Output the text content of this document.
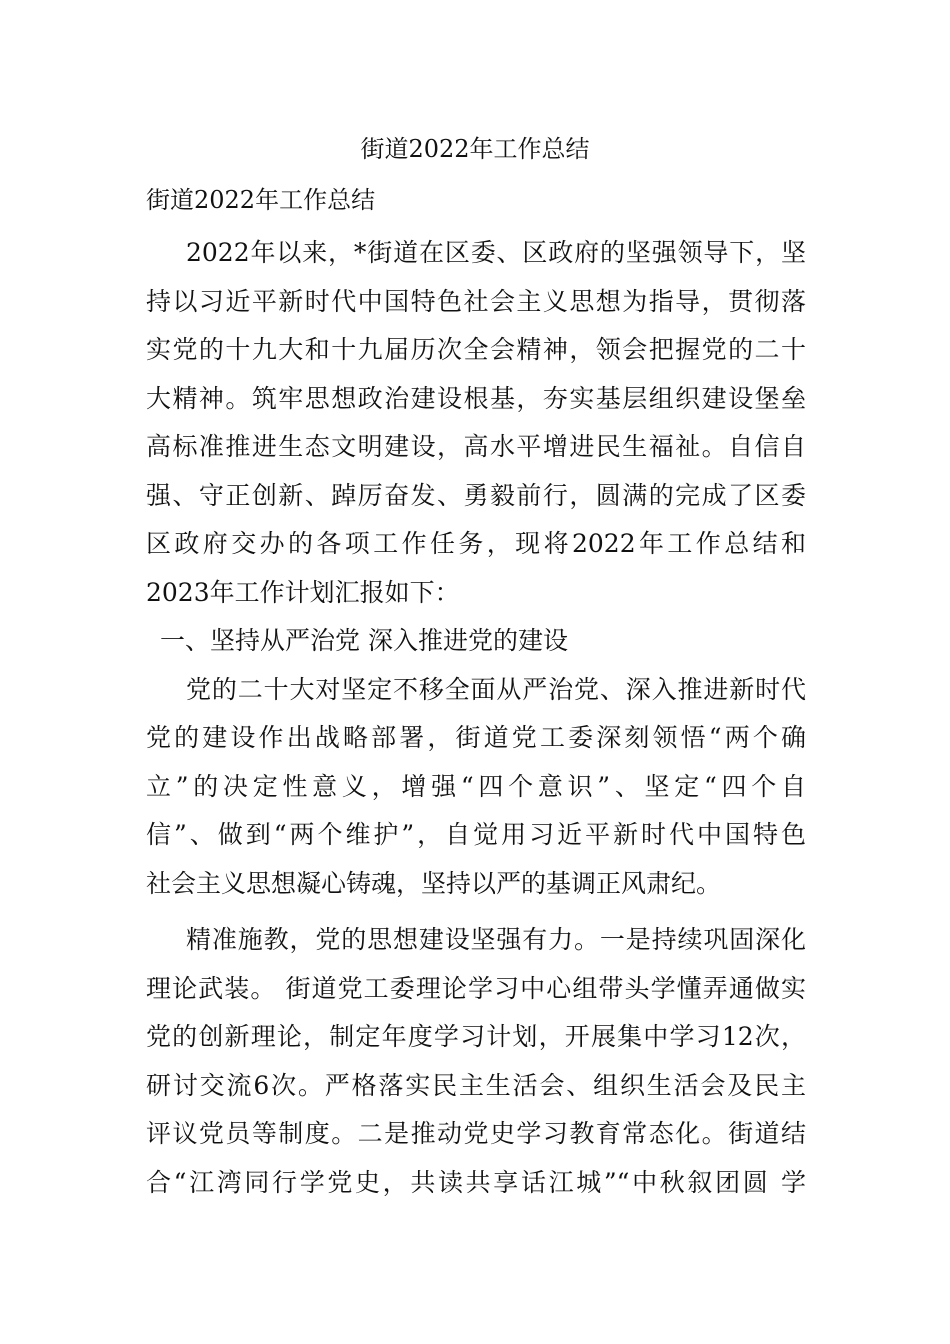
街道2022年工作总结
街道2022年工作总结
2022年以来，*街道在区委、区政府的坚强领导下，坚
持以习近平新时代中国特色社会主义思想为指导，贯彻落
实党的十九大和十九届历次全会精神，领会把握党的二十
大精神。筑牢思想政治建设根基，夯实基层组织建设堡垒
高标准推进生态文明建设，高水平增进民生福祉。自信自
强、守正创新、踔厉奋发、勇毅前行，圆满的完成了区委
区政府交办的各项工作任务，现将2022年工作总结和
2023年工作计划汇报如下：
一、坚持从严治党 深入推进党的建设
党的二十大对坚定不移全面从严治党、深入推进新时代
党的建设作出战略部署，街道党工委深刻领悟“两个确
立”的决定性意义，增强“四个意识”、坚定“四个自
信”、做到“两个维护”，自觉用习近平新时代中国特色
社会主义思想凝心铸魂，坚持以严的基调正风肃纪。
精准施教，党的思想建设坚强有力。一是持续巩固深化
理论武装。 街道党工委理论学习中心组带头学懂弄通做实
党的创新理论，制定年度学习计划，开展集中学习12次，
研讨交流6次。严格落实民主生活会、组织生活会及民主
评议党员等制度。二是推动党史学习教育常态化。街道结
合“江湾同行学党史，共读共享话江城”“中秋叙团圆 学
